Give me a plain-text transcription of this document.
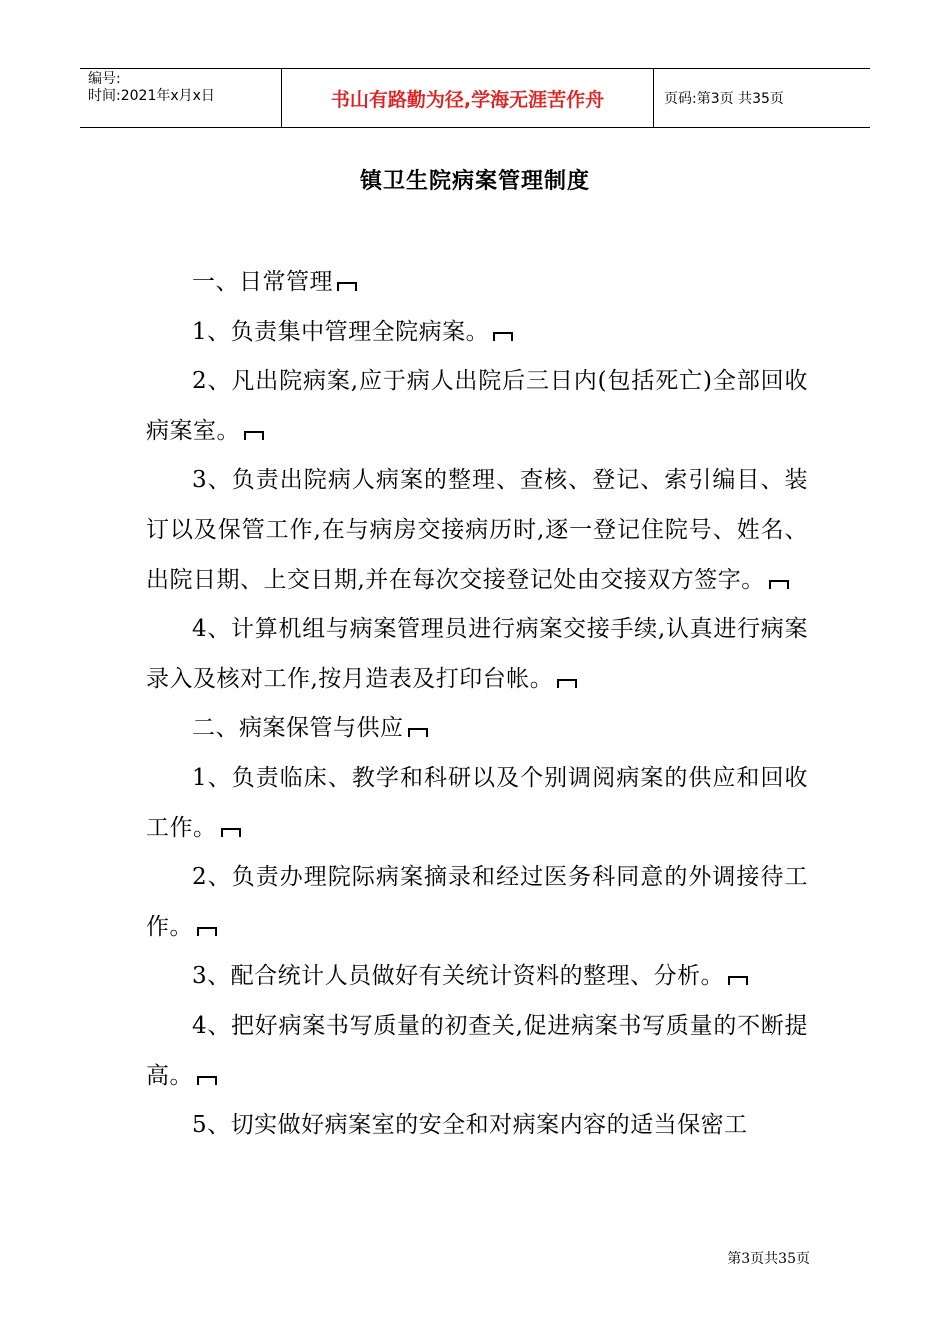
编号:
时间:2021年x月x日	书山有路勤为径,学海无涯苦作舟	页码:第3页 共35页
镇卫生院病案管理制度

一、日常管理

1、负责集中管理全院病案。

2、凡出院病案,应于病人出院后三日内(包括死亡)全部回收病案室。

3、负责出院病人病案的整理、查核、登记、索引编目、装订以及保管工作,在与病房交接病历时,逐一登记住院号、姓名、出院日期、上交日期,并在每次交接登记处由交接双方签字。

4、计算机组与病案管理员进行病案交接手续,认真进行病案录入及核对工作,按月造表及打印台帐。

二、病案保管与供应

1、负责临床、教学和科研以及个别调阅病案的供应和回收工作。

2、负责办理院际病案摘录和经过医务科同意的外调接待工作。

3、配合统计人员做好有关统计资料的整理、分析。

4、把好病案书写质量的初查关,促进病案书写质量的不断提高。

5、切实做好病案室的安全和对病案内容的适当保密工

第3页共35页
